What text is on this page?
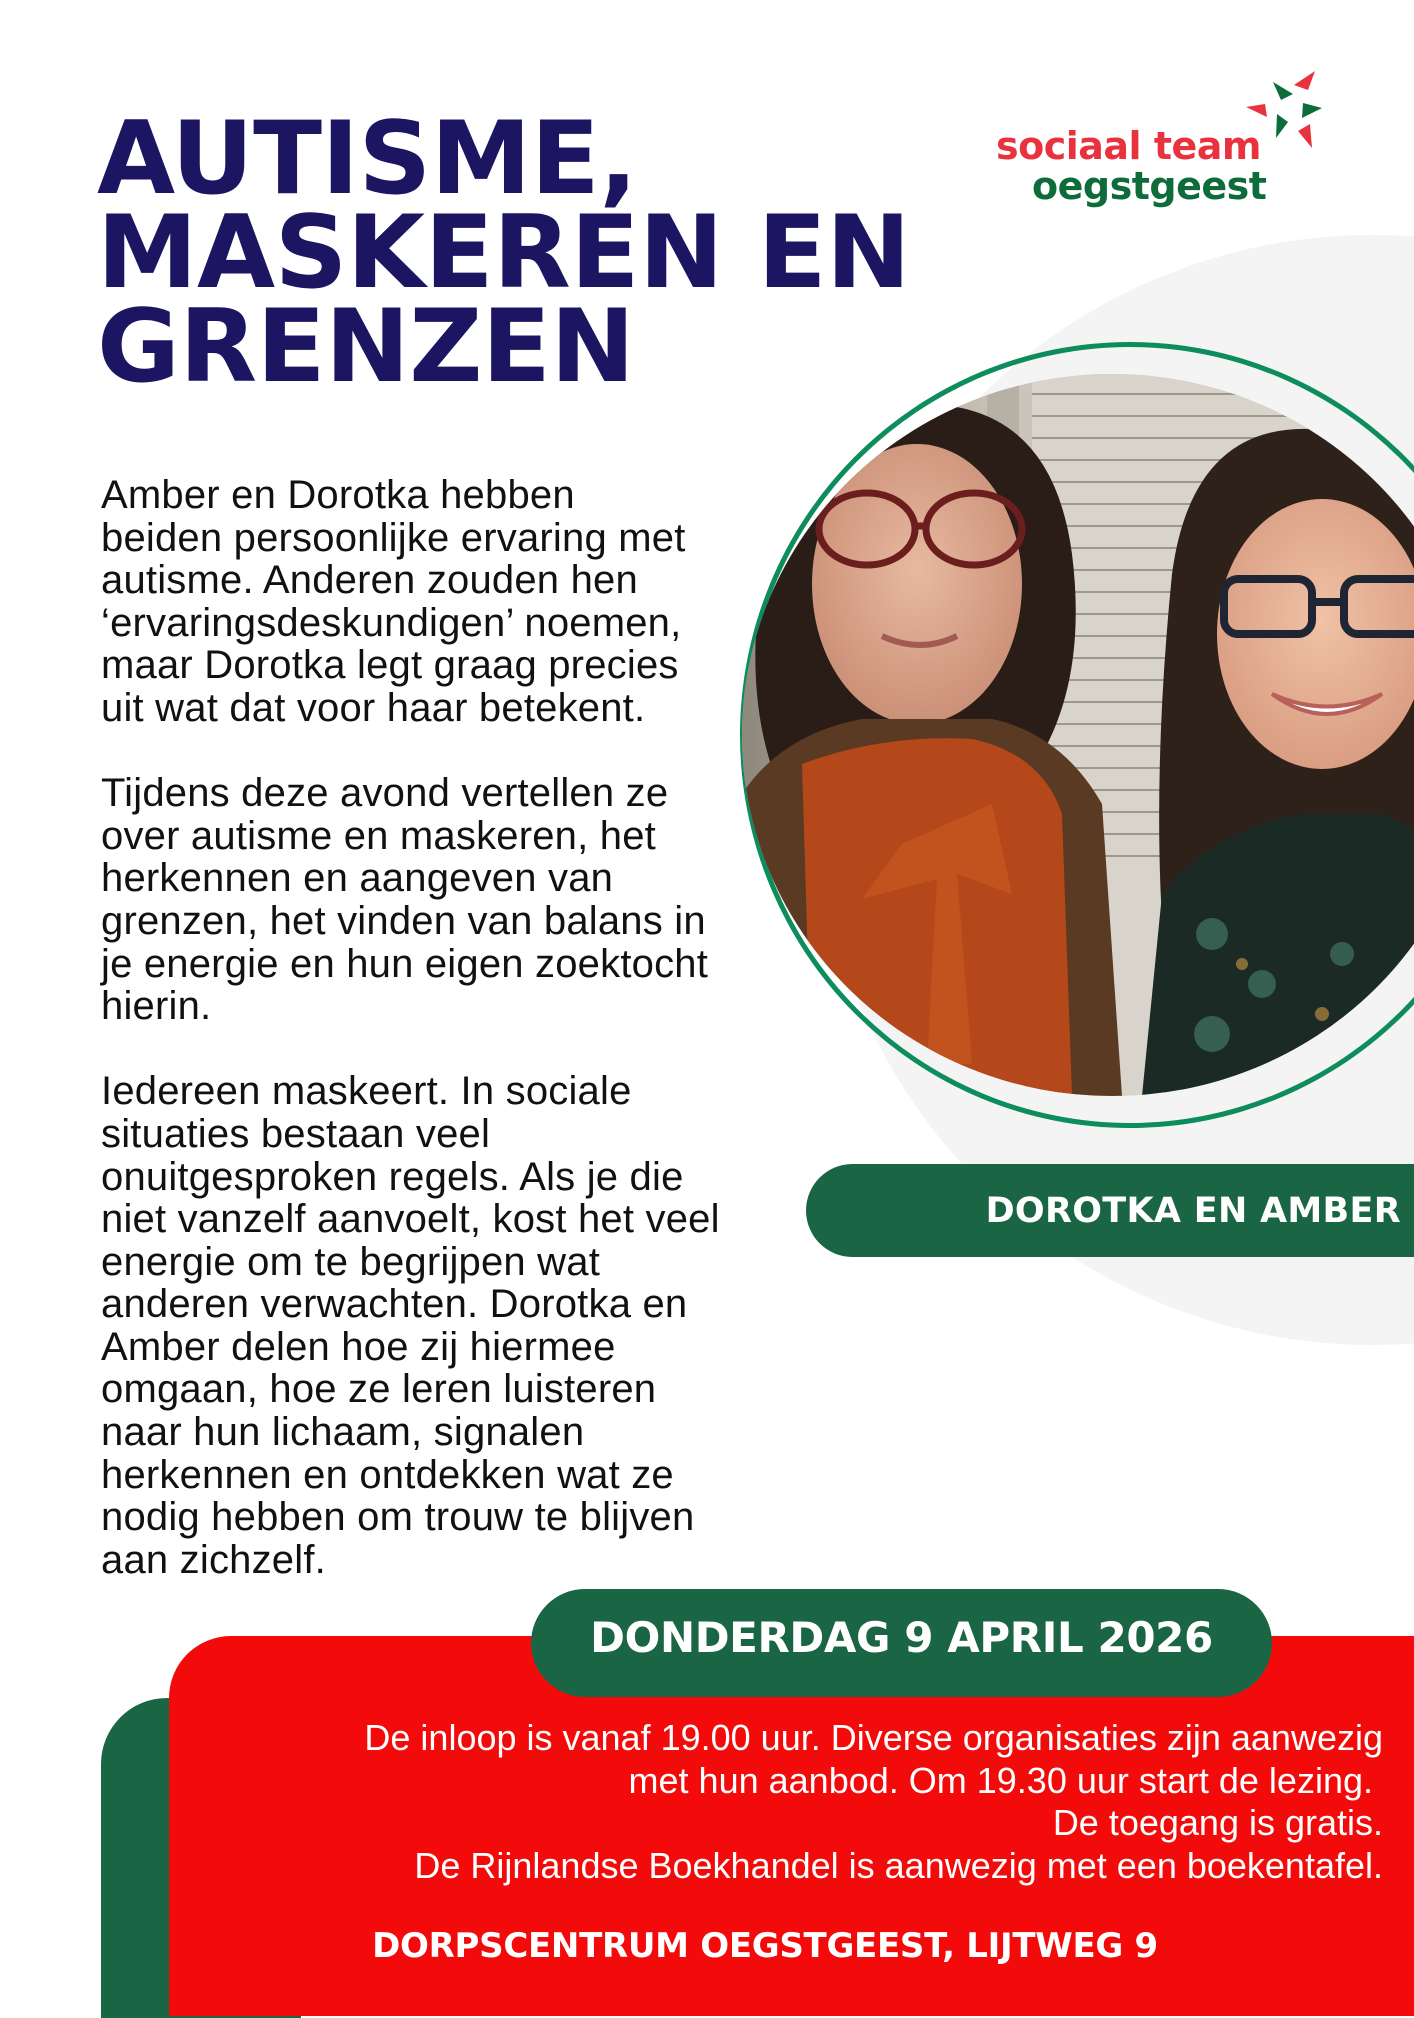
sociaal team
oegstgeest
AUTISME,
MASKEREN EN
GRENZEN
Amber en Dorotka hebben
beiden persoonlijke ervaring met
autisme. Anderen zouden hen
‘ervaringsdeskundigen’ noemen,
maar Dorotka legt graag precies
uit wat dat voor haar betekent.
Tijdens deze avond vertellen ze
over autisme en maskeren, het
herkennen en aangeven van
grenzen, het vinden van balans in
je energie en hun eigen zoektocht
hierin.
Iedereen maskeert. In sociale
situaties bestaan veel
onuitgesproken regels. Als je die
niet vanzelf aanvoelt, kost het veel
energie om te begrijpen wat
anderen verwachten. Dorotka en
Amber delen hoe zij hiermee
omgaan, hoe ze leren luisteren
naar hun lichaam, signalen
herkennen en ontdekken wat ze
nodig hebben om trouw te blijven
aan zichzelf.
DOROTKA EN AMBER
DONDERDAG 9 APRIL 2026
De inloop is vanaf 19.00 uur. Diverse organisaties zijn aanwezig
met hun aanbod. Om 19.30 uur start de lezing.
De toegang is gratis.
De Rijnlandse Boekhandel is aanwezig met een boekentafel.
DORPSCENTRUM OEGSTGEEST, LIJTWEG 9
